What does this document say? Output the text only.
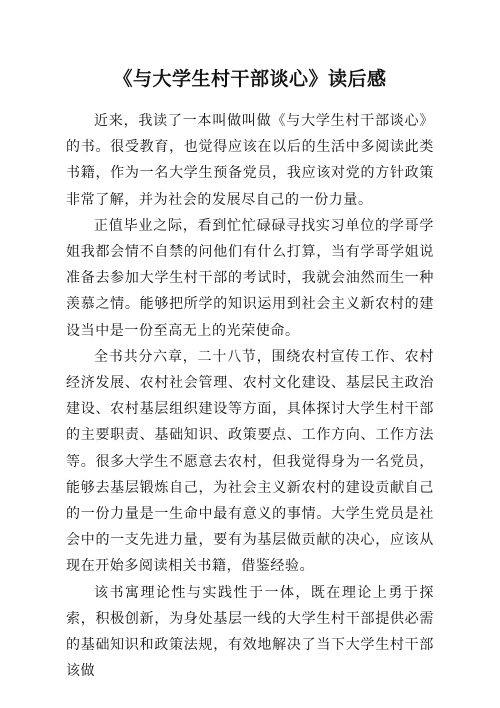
《与大学生村干部谈心》读后感

近来，我读了一本叫做叫做《与大学生村干部谈心》的书。很受教育，也觉得应该在以后的生活中多阅读此类书籍，作为一名大学生预备党员，我应该对党的方针政策非常了解，并为社会的发展尽自己的一份力量。

正值毕业之际，看到忙忙碌碌寻找实习单位的学哥学姐我都会情不自禁的问他们有什么打算，当有学哥学姐说准备去参加大学生村干部的考试时，我就会油然而生一种羡慕之情。能够把所学的知识运用到社会主义新农村的建设当中是一份至高无上的光荣使命。

全书共分六章，二十八节，围绕农村宣传工作、农村经济发展、农村社会管理、农村文化建设、基层民主政治建设、农村基层组织建设等方面，具体探讨大学生村干部的主要职责、基础知识、政策要点、工作方向、工作方法等。很多大学生不愿意去农村，但我觉得身为一名党员，能够去基层锻炼自己，为社会主义新农村的建设贡献自己的一份力量是一生命中最有意义的事情。大学生党员是社会中的一支先进力量，要有为基层做贡献的决心，应该从现在开始多阅读相关书籍，借鉴经验。

该书寓理论性与实践性于一体，既在理论上勇于探索，积极创新，为身处基层一线的大学生村干部提供必需的基础知识和政策法规，有效地解决了当下大学生村干部该做
